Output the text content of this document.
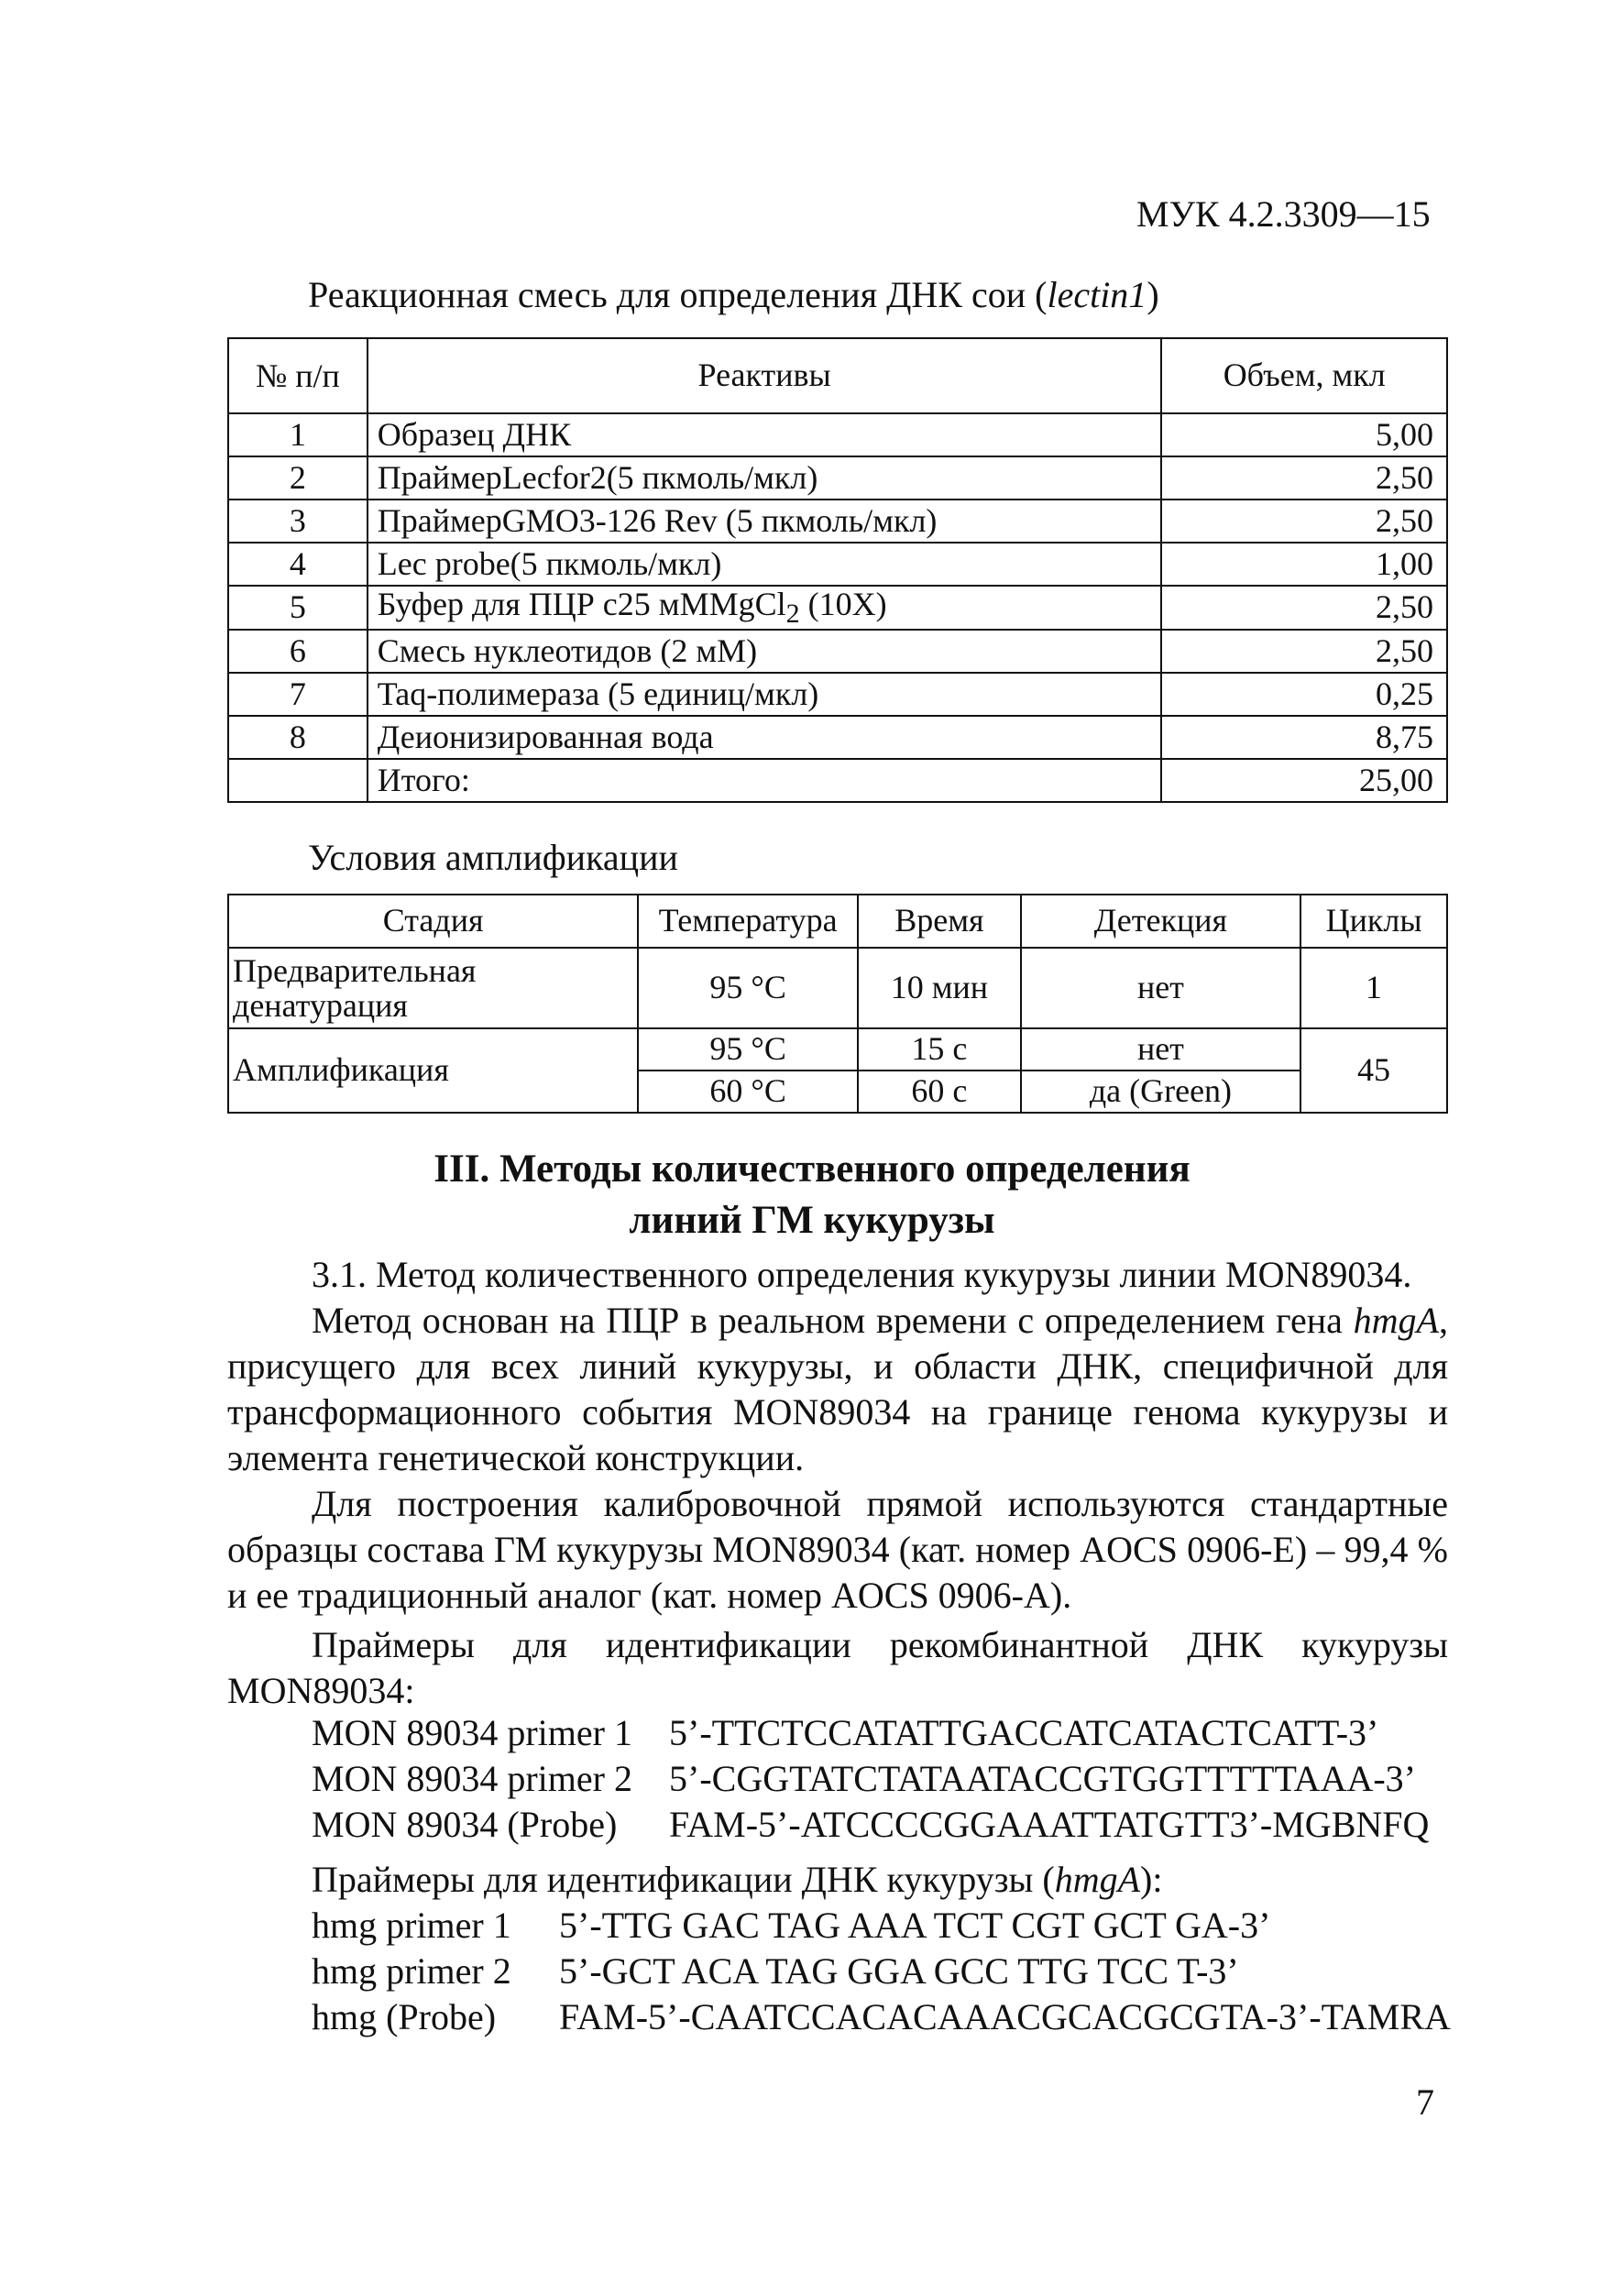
МУК 4.2.3309—15
Реакционная смесь для определения ДНК сои (lectin1)
№ п/п	Реактивы	Объем, мкл
1	Образец ДНК	5,00
2	ПраймерLecfor2(5 пкмоль/мкл)	2,50
3	ПраймерGMO3-126 Rev (5 пкмоль/мкл)	2,50
4	Lec probe(5 пкмоль/мкл)	1,00
5	Буфер для ПЦР с25 мММgCl$_2$ (10Х)	2,50
6	Смесь нуклеотидов (2 мМ)	2,50
7	Taq-полимераза (5 единиц/мкл)	0,25
8	Деионизированная вода	8,75
	Итого:	25,00
Условия амплификации
Стадия	Температура	Время	Детекция	Циклы
Предварительная денатурация	95 °С	10 мин	нет	1
Амплификация	95 °С	15 с	нет	45
	60 °С	60 с	да (Green)	
III. Методы количественного определения
линий ГМ кукурузы
3.1. Метод количественного определения кукурузы линии MON89034.
Метод основан на ПЦР в реальном времени с определением гена hmgA, присущего для всех линий кукурузы, и области ДНК, специфичной для трансформационного события MON89034 на границе генома кукурузы и элемента генетической конструкции.
Для построения калибровочной прямой используются стандартные образцы состава ГМ кукурузы MON89034 (кат. номер AOCS 0906-E) – 99,4 % и ее традиционный аналог (кат. номер AOCS 0906-A).
Праймеры для идентификации рекомбинантной ДНК кукурузы MON89034:
MON 89034 primer 1 5’-TTCTCCATATTGACCATCATACTCATT-3’
MON 89034 primer 2 5’-CGGTATCTATAATACCGTGGTTTTTAAA-3’
MON 89034 (Probe) FAM-5’-ATCCCCGGAAATTATGTT3’-MGBNFQ
Праймеры для идентификации ДНК кукурузы (hmgA):
hmg primer 1 5’-TTG GAC TAG AAA TCT CGT GCT GA-3’
hmg primer 2 5’-GCT ACA TAG GGA GCC TTG TCC T-3’
hmg (Probe) FAM-5’-CAATCCACACAAACGCACGCGTA-3’-TAMRA
7
